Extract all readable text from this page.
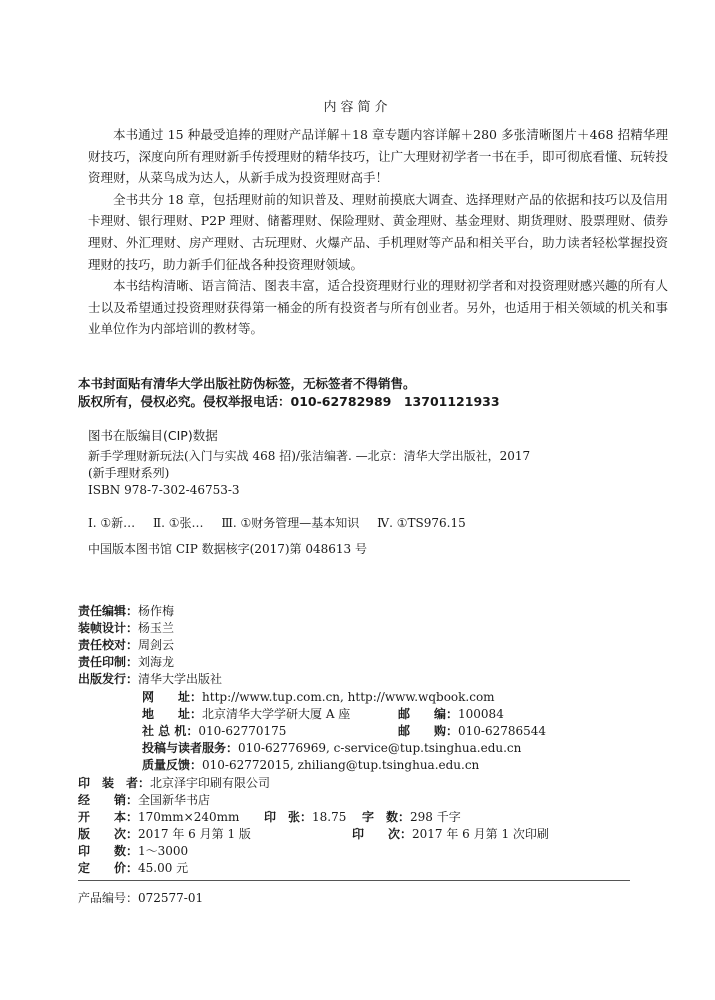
内容简介

本书通过 15 种最受追捧的理财产品详解＋18 章专题内容详解＋280 多张清晰图片＋468 招精华理财技巧，深度向所有理财新手传授理财的精华技巧，让广大理财初学者一书在手，即可彻底看懂、玩转投资理财，从菜鸟成为达人，从新手成为投资理财高手！

全书共分 18 章，包括理财前的知识普及、理财前摸底大调查、选择理财产品的依据和技巧以及信用卡理财、银行理财、P2P 理财、储蓄理财、保险理财、黄金理财、基金理财、期货理财、股票理财、债券理财、外汇理财、房产理财、古玩理财、火爆产品、手机理财等产品和相关平台，助力读者轻松掌握投资理财的技巧，助力新手们征战各种投资理财领域。

本书结构清晰、语言简洁、图表丰富，适合投资理财行业的理财初学者和对投资理财感兴趣的所有人士以及希望通过投资理财获得第一桶金的所有投资者与所有创业者。另外，也适用于相关领域的机关和事业单位作为内部培训的教材等。

本书封面贴有清华大学出版社防伪标签，无标签者不得销售。
版权所有，侵权必究。侵权举报电话：010-62782989　13701121933
图书在版编目(CIP)数据
新手学理财新玩法(入门与实战 468 招)/张洁编著. —北京：清华大学出版社，2017
(新手理财系列)
ISBN 978-7-302-46753-3
Ⅰ. ①新… Ⅱ. ①张… Ⅲ. ①财务管理—基本知识 Ⅳ. ①TS976.15
中国版本图书馆 CIP 数据核字(2017)第 048613 号
责任编辑：杨作梅
装帧设计：杨玉兰
责任校对：周剑云
责任印制：刘海龙
出版发行：清华大学出版社
网　　址：http://www.tup.com.cn, http://www.wqbook.com
地　　址：北京清华大学学研大厦 A 座	邮　　编：100084
社 总 机：010-62770175	邮　　购：010-62786544
投稿与读者服务：010-62776969, c-service@tup.tsinghua.edu.cn
质量反馈：010-62772015, zhiliang@tup.tsinghua.edu.cn
印　装　者：北京泽宇印刷有限公司
经　　销：全国新华书店
开　　本：170mm×240mm 印　张：18.75 字　数：298 千字
版　　次：2017 年 6 月第 1 版	印　　次：2017 年 6 月第 1 次印刷
印　　数：1～3000
定　　价：45.00 元
产品编号：072577-01
